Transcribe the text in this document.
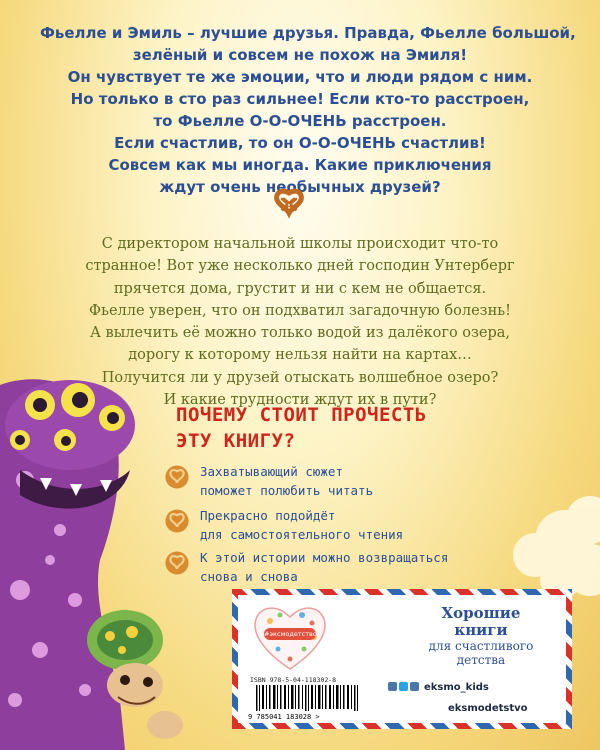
Фьелле и Эмиль – лучшие друзья. Правда, Фьелле большой,
зелёный и совсем не похож на Эмиля!
Он чувствует те же эмоции, что и люди рядом с ним.
Но только в сто раз сильнее! Если кто-то расстроен,
то Фьелле О-О-ОЧЕНЬ расстроен.
Если счастлив, то он О-О-ОЧЕНЬ счастлив!
Совсем как мы иногда. Какие приключения
ждут очень необычных друзей?
С директором начальной школы происходит что-то
странное! Вот уже несколько дней господин Унтерберг
прячется дома, грустит и ни с кем не общается.
Фьелле уверен, что он подхватил загадочную болезнь!
А вылечить её можно только водой из далёкого озера,
дорогу к которому нельзя найти на картах…
Получится ли у друзей отыскать волшебное озеро?
И какие трудности ждут их в пути?
ПОЧЕМУ СТОИТ ПРОЧЕСТЬ
ЭТУ КНИГУ?
Захватывающий сюжет
поможет полюбить читать
Прекрасно подойдёт
для самостоятельного чтения
К этой истории можно возвращаться
снова и снова
#эксмодетство
Хорошие
книги
для счастливого
детства
ISBN 978-5-04-118302-8
9 785041 183028 >
eksmo_kids
eksmodetstvo
